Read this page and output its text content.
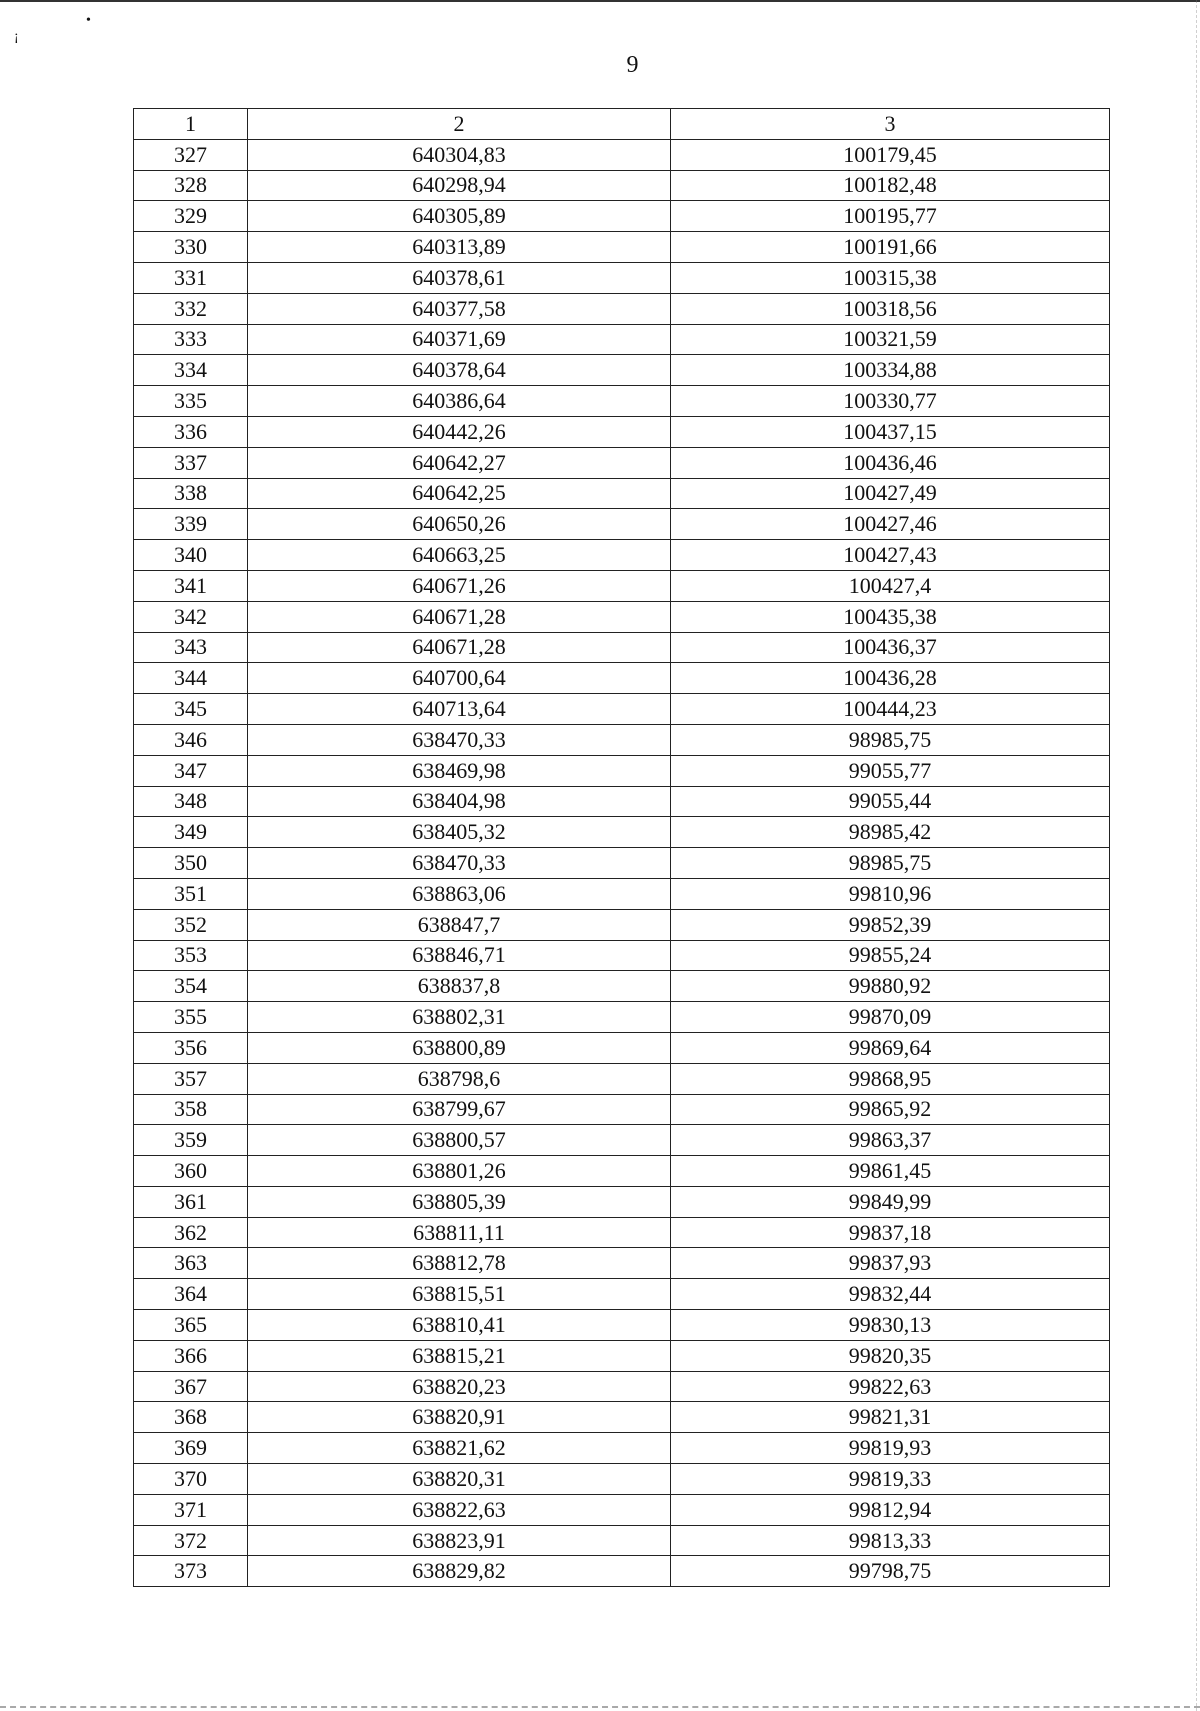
¡
•
9
1	2	3
327	640304,83	100179,45
328	640298,94	100182,48
329	640305,89	100195,77
330	640313,89	100191,66
331	640378,61	100315,38
332	640377,58	100318,56
333	640371,69	100321,59
334	640378,64	100334,88
335	640386,64	100330,77
336	640442,26	100437,15
337	640642,27	100436,46
338	640642,25	100427,49
339	640650,26	100427,46
340	640663,25	100427,43
341	640671,26	100427,4
342	640671,28	100435,38
343	640671,28	100436,37
344	640700,64	100436,28
345	640713,64	100444,23
346	638470,33	98985,75
347	638469,98	99055,77
348	638404,98	99055,44
349	638405,32	98985,42
350	638470,33	98985,75
351	638863,06	99810,96
352	638847,7	99852,39
353	638846,71	99855,24
354	638837,8	99880,92
355	638802,31	99870,09
356	638800,89	99869,64
357	638798,6	99868,95
358	638799,67	99865,92
359	638800,57	99863,37
360	638801,26	99861,45
361	638805,39	99849,99
362	638811,11	99837,18
363	638812,78	99837,93
364	638815,51	99832,44
365	638810,41	99830,13
366	638815,21	99820,35
367	638820,23	99822,63
368	638820,91	99821,31
369	638821,62	99819,93
370	638820,31	99819,33
371	638822,63	99812,94
372	638823,91	99813,33
373	638829,82	99798,75
